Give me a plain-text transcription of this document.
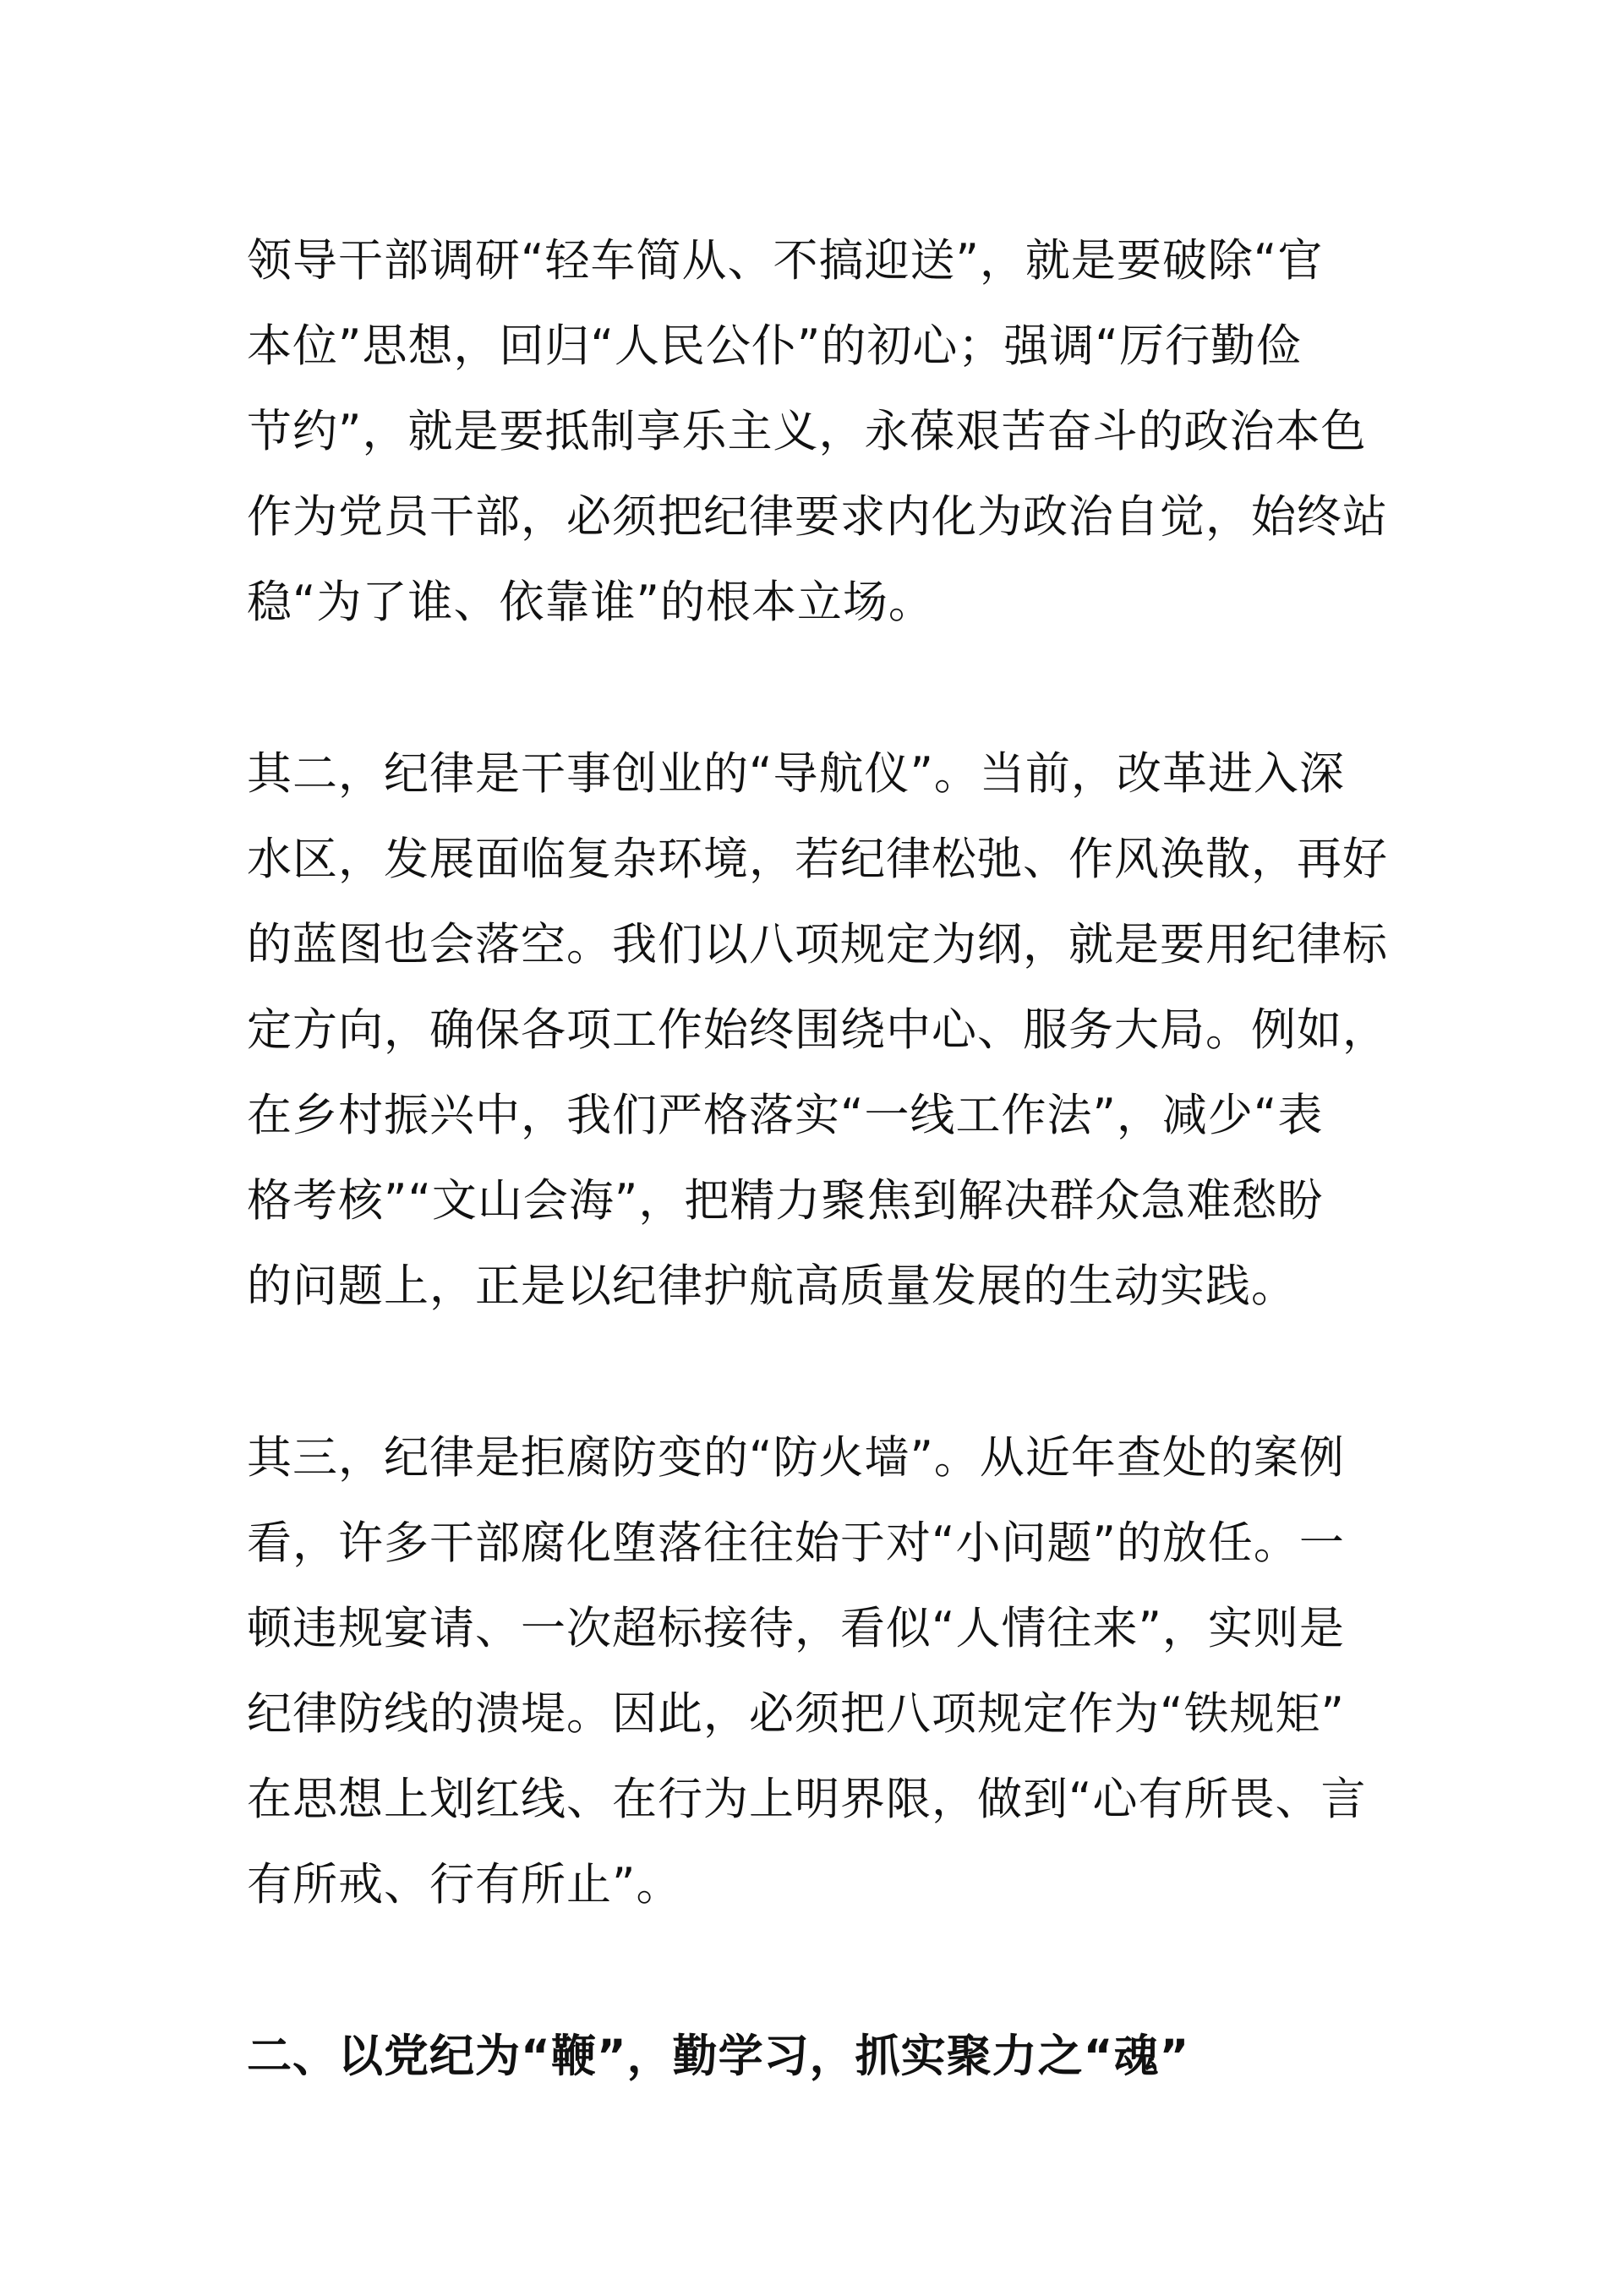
领导干部调研“轻车简从、不搞迎送”，就是要破除“官
本位”思想，回归“人民公仆”的初心；强调“厉行勤俭
节约”，就是要抵制享乐主义，永葆艰苦奋斗的政治本色
作为党员干部，必须把纪律要求内化为政治自觉，始终站
稳“为了谁、依靠谁”的根本立场。
其二，纪律是干事创业的“导航仪”。当前，改革进入深
水区，发展面临复杂环境，若纪律松弛、作风涣散，再好
的蓝图也会落空。我们以八项规定为纲，就是要用纪律标
定方向，确保各项工作始终围绕中心、服务大局。例如，
在乡村振兴中，我们严格落实“一线工作法”，减少“表
格考核”“文山会海”，把精力聚焦到解决群众急难愁盼
的问题上，正是以纪律护航高质量发展的生动实践。
其三，纪律是拒腐防变的“防火墙”。从近年查处的案例
看，许多干部腐化堕落往往始于对“小问题”的放任。一
顿违规宴请、一次超标接待，看似“人情往来”，实则是
纪律防线的溃堤。因此，必须把八项规定作为“铁规矩”
在思想上划红线、在行为上明界限，做到“心有所畏、言
有所戒、行有所止”。
二、以党纪为“鞭”，勤学习，抓实聚力之“魂”
